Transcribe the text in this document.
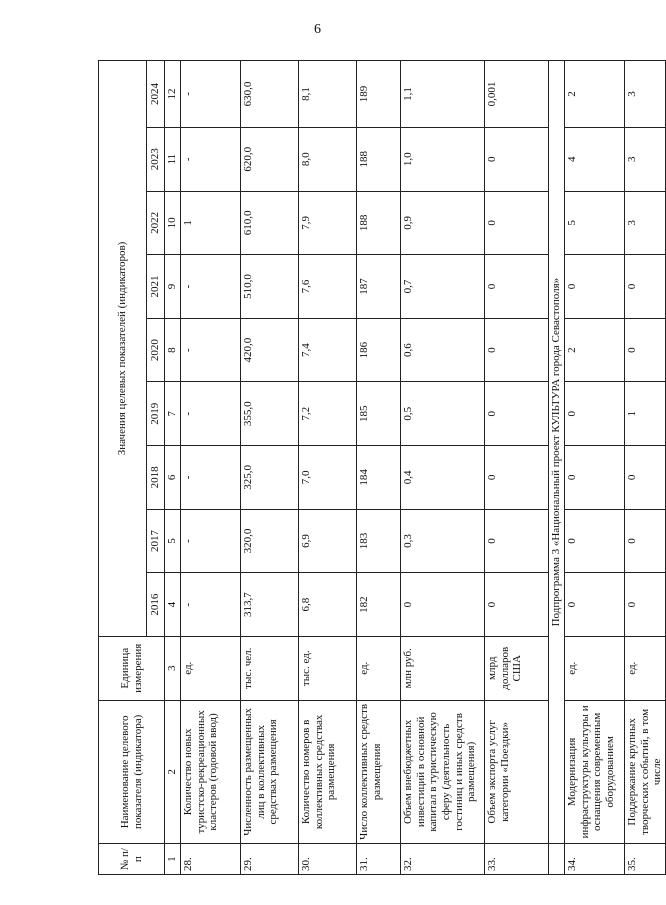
6
№ п/п	Наименование целевого показателя (индикатора)	Единица измерения	Значения целевых показателей (индикаторов)								
			2016	2017	2018	2019	2020	2021	2022	2023	2024
1	2	3	4	5	6	7	8	9	10	11	12
28.	Количество новых туристско-рекреационных кластеров (годовой ввод)	ед.	-	-	-	-	-	-	1	-	-
29.	Численность размещенных лиц в коллективных средствах размещения	тыс. чел.	313,7	320,0	325,0	355,0	420,0	510,0	610,0	620,0	630,0
30.	Количество номеров в коллективных средствах размещения	тыс. ед.	6,8	6,9	7,0	7,2	7,4	7,6	7,9	8,0	8,1
31.	Число коллективных средств размещения	ед.	182	183	184	185	186	187	188	188	189
32.	Объем внебюджетных инвестиций в основной капитал в туристическую сферу (деятельность гостиниц и иных средств размещения)	млн руб.	0	0,3	0,4	0,5	0,6	0,7	0,9	1,0	1,1
33.	Объем экспорта услуг категории «Поездки»	млрд долларов США	0	0	0	0	0	0	0	0	0,001
	Подпрограмма 3 «Национальный проект КУЛЬТУРА города Севастополя»										
34.	Модернизация инфраструктуры культуры и оснащения современным оборудованием	ед.	0	0	0	0	2	0	5	4	2
35.	Поддержание крупных творческих событий, в том числе	ед.	0	0	0	1	0	0	3	3	3
